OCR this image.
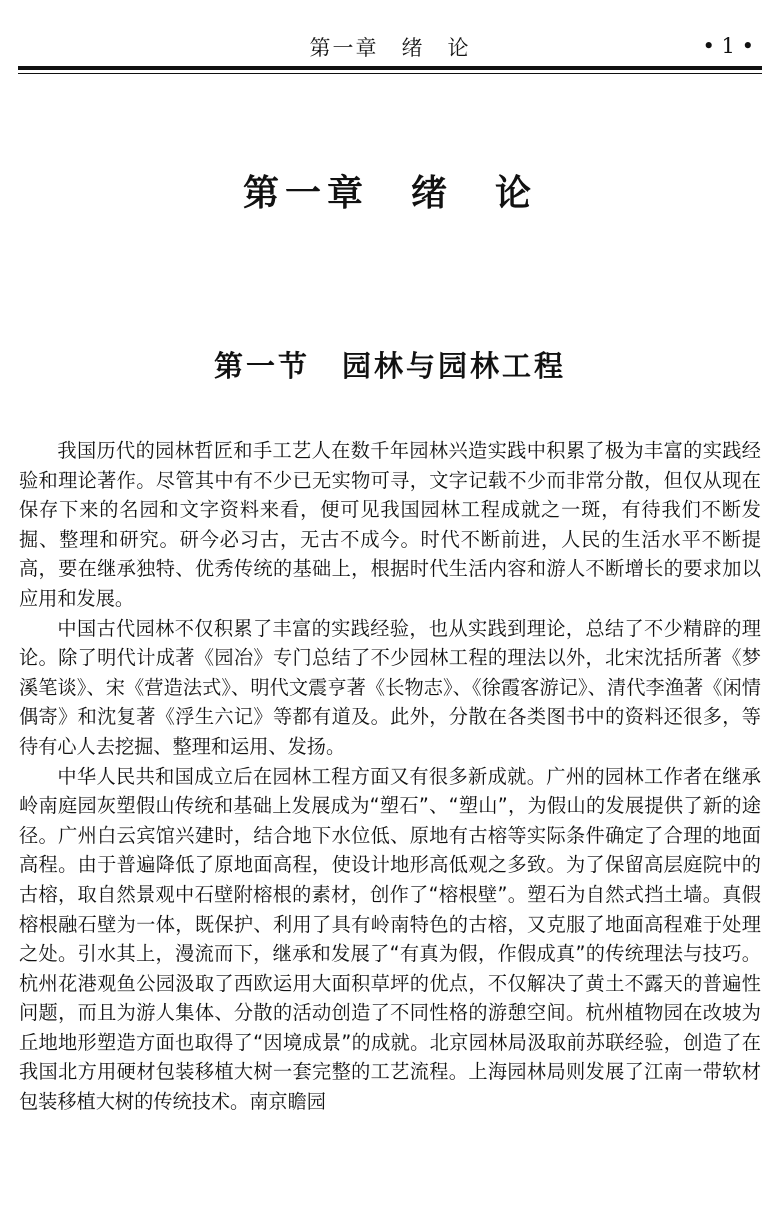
第一章　绪　论	• 1 •
第一章　绪　论
第一节　园林与园林工程

我国历代的园林哲匠和手工艺人在数千年园林兴造实践中积累了极为丰富的实践经验和理论著作。尽管其中有不少已无实物可寻，文字记载不少而非常分散，但仅从现在保存下来的名园和文字资料来看，便可见我国园林工程成就之一斑，有待我们不断发掘、整理和研究。研今必习古，无古不成今。时代不断前进，人民的生活水平不断提高，要在继承独特、优秀传统的基础上，根据时代生活内容和游人不断增长的要求加以应用和发展。

中国古代园林不仅积累了丰富的实践经验，也从实践到理论，总结了不少精辟的理论。除了明代计成著《园冶》专门总结了不少园林工程的理法以外，北宋沈括所著《梦溪笔谈》、宋《营造法式》、明代文震亨著《长物志》、《徐霞客游记》、清代李渔著《闲情偶寄》和沈复著《浮生六记》等都有道及。此外，分散在各类图书中的资料还很多，等待有心人去挖掘、整理和运用、发扬。

中华人民共和国成立后在园林工程方面又有很多新成就。广州的园林工作者在继承岭南庭园灰塑假山传统和基础上发展成为“塑石”、“塑山”，为假山的发展提供了新的途径。广州白云宾馆兴建时，结合地下水位低、原地有古榕等实际条件确定了合理的地面高程。由于普遍降低了原地面高程，使设计地形高低观之多致。为了保留高层庭院中的古榕，取自然景观中石壁附榕根的素材，创作了“榕根壁”。塑石为自然式挡土墙。真假榕根融石壁为一体，既保护、利用了具有岭南特色的古榕，又克服了地面高程难于处理之处。引水其上，漫流而下，继承和发展了“有真为假，作假成真”的传统理法与技巧。杭州花港观鱼公园汲取了西欧运用大面积草坪的优点，不仅解决了黄土不露天的普遍性问题，而且为游人集体、分散的活动创造了不同性格的游憩空间。杭州植物园在改坡为丘地地形塑造方面也取得了“因境成景”的成就。北京园林局汲取前苏联经验，创造了在我国北方用硬材包装移植大树一套完整的工艺流程。上海园林局则发展了江南一带软材包装移植大树的传统技术。南京瞻园
